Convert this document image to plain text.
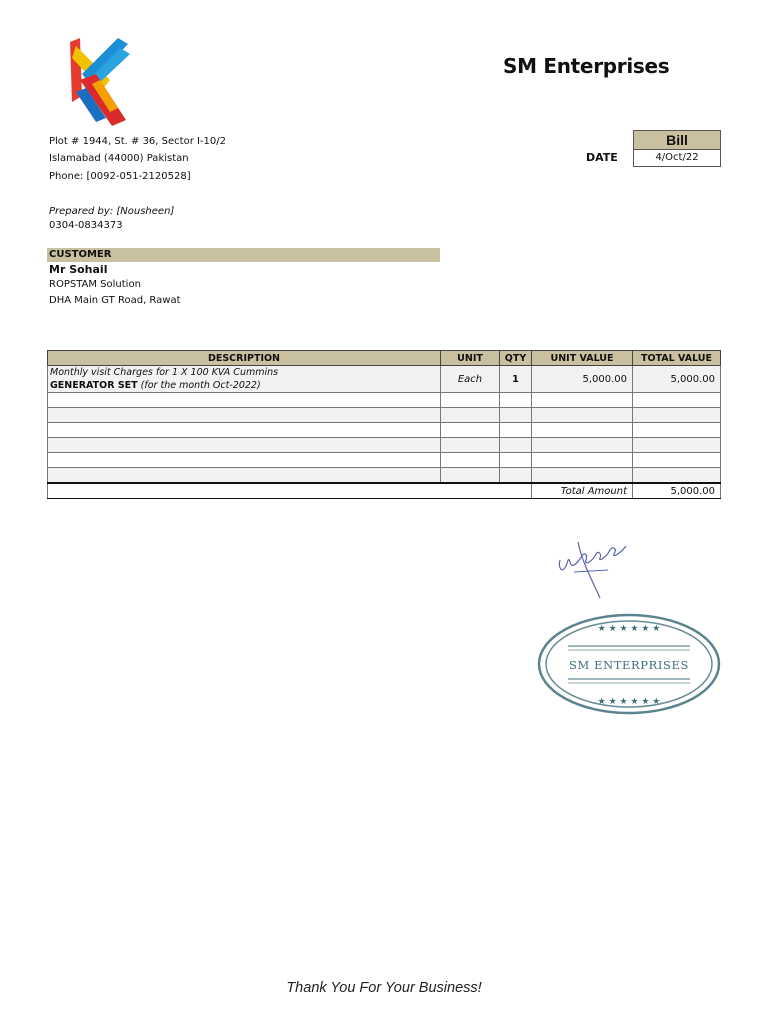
SM Enterprises
Plot # 1944, St. # 36, Sector I-10/2
Islamabad (44000) Pakistan
Phone: [0092-051-2120528]
Prepared by: [Nousheen]
0304-0834373
Bill
DATE	4/Oct/22
CUSTOMER
Mr Sohail
ROPSTAM Solution
DHA Main GT Road, Rawat
DESCRIPTION	UNIT	QTY	UNIT VALUE	TOTAL VALUE

Monthly visit Charges for 1 X 100 KVA Cummins
GENERATOR SET (for the month Oct-2022)	Each	1	5,000.00	5,000.00

			Total Amount	5,000.00
★ ★ ★ ★ ★ ★
★ ★ ★ ★ ★ ★
SM ENTERPRISES
Thank You For Your Business!
